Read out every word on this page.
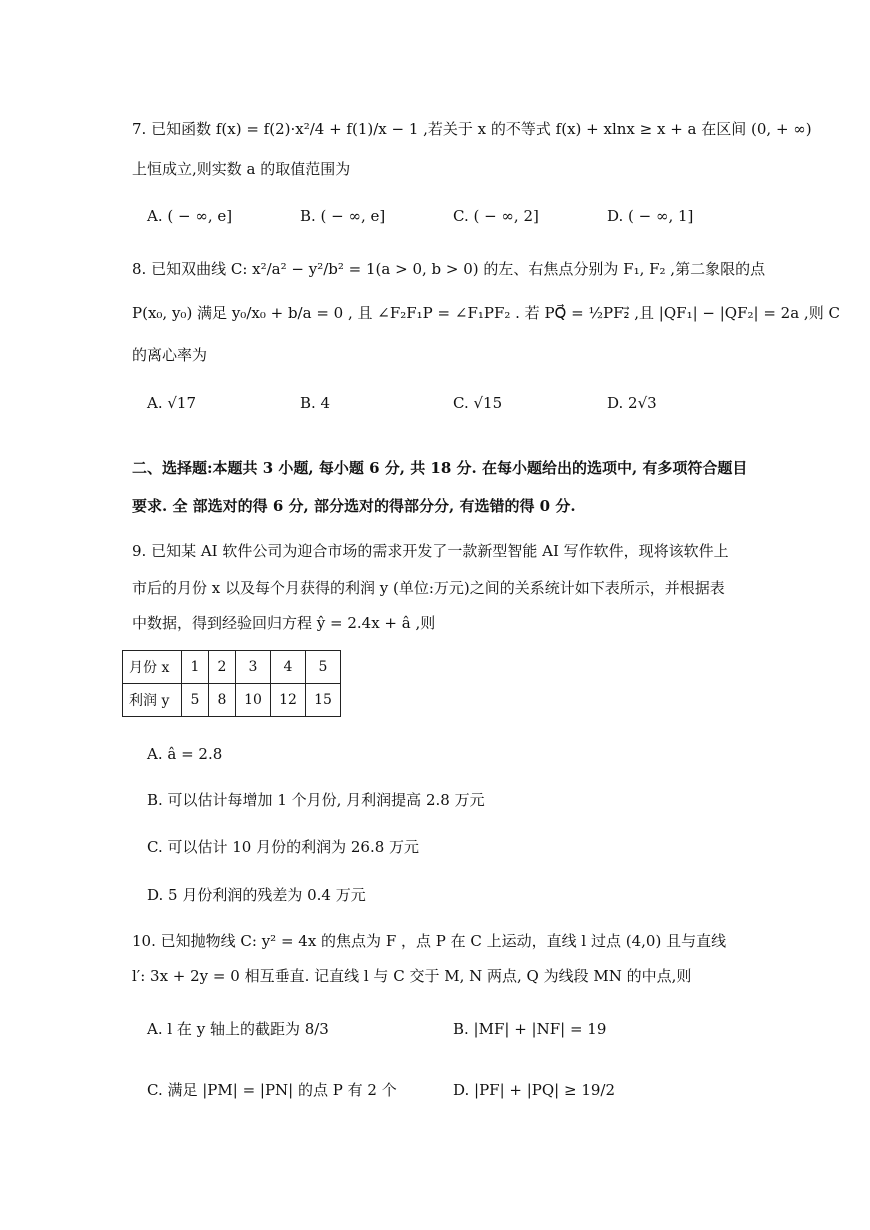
7. 已知函数 f(x) = f(2)·x²/4 + f(1)/x − 1 ,若关于 x 的不等式 f(x) + xlnx ≥ x + a 在区间 (0, + ∞)
上恒成立,则实数 a 的取值范围为
A. ( − ∞, e]	B. ( − ∞, e]	C. ( − ∞, 2]	D. ( − ∞, 1]
8. 已知双曲线 C: x²/a² − y²/b² = 1(a > 0, b > 0) 的左、右焦点分别为 F₁, F₂ ,第二象限的点
P(x₀, y₀) 满足 y₀/x₀ + b/a = 0 , 且 ∠F₂F₁P = ∠F₁PF₂ . 若 PQ⃗ = ½PF₂⃗ ,且 |QF₁| − |QF₂| = 2a ,则 C
的离心率为
A. √17	B. 4	C. √15	D. 2√3
二、选择题:本题共 3 小题, 每小题 6 分, 共 18 分. 在每小题给出的选项中, 有多项符合题目
要求. 全 部选对的得 6 分, 部分选对的得部分分, 有选错的得 0 分.
9. 已知某 AI 软件公司为迎合市场的需求开发了一款新型智能 AI 写作软件，现将该软件上
市后的月份 x 以及每个月获得的利润 y (单位:万元)之间的关系统计如下表所示，并根据表
中数据，得到经验回归方程 ŷ = 2.4x + â ,则
月份 x	1	2	3	4	5
利润 y	5	8	10	12	15
A. â = 2.8
B. 可以估计每增加 1 个月份, 月利润提高 2.8 万元
C. 可以估计 10 月份的利润为 26.8 万元
D. 5 月份利润的残差为 0.4 万元
10. 已知抛物线 C: y² = 4x 的焦点为 F ，点 P 在 C 上运动，直线 l 过点 (4,0) 且与直线
l′: 3x + 2y = 0 相互垂直. 记直线 l 与 C 交于 M, N 两点, Q 为线段 MN 的中点,则
A. l 在 y 轴上的截距为 8/3	B. |MF| + |NF| = 19
C. 满足 |PM| = |PN| 的点 P 有 2 个	D. |PF| + |PQ| ≥ 19/2
